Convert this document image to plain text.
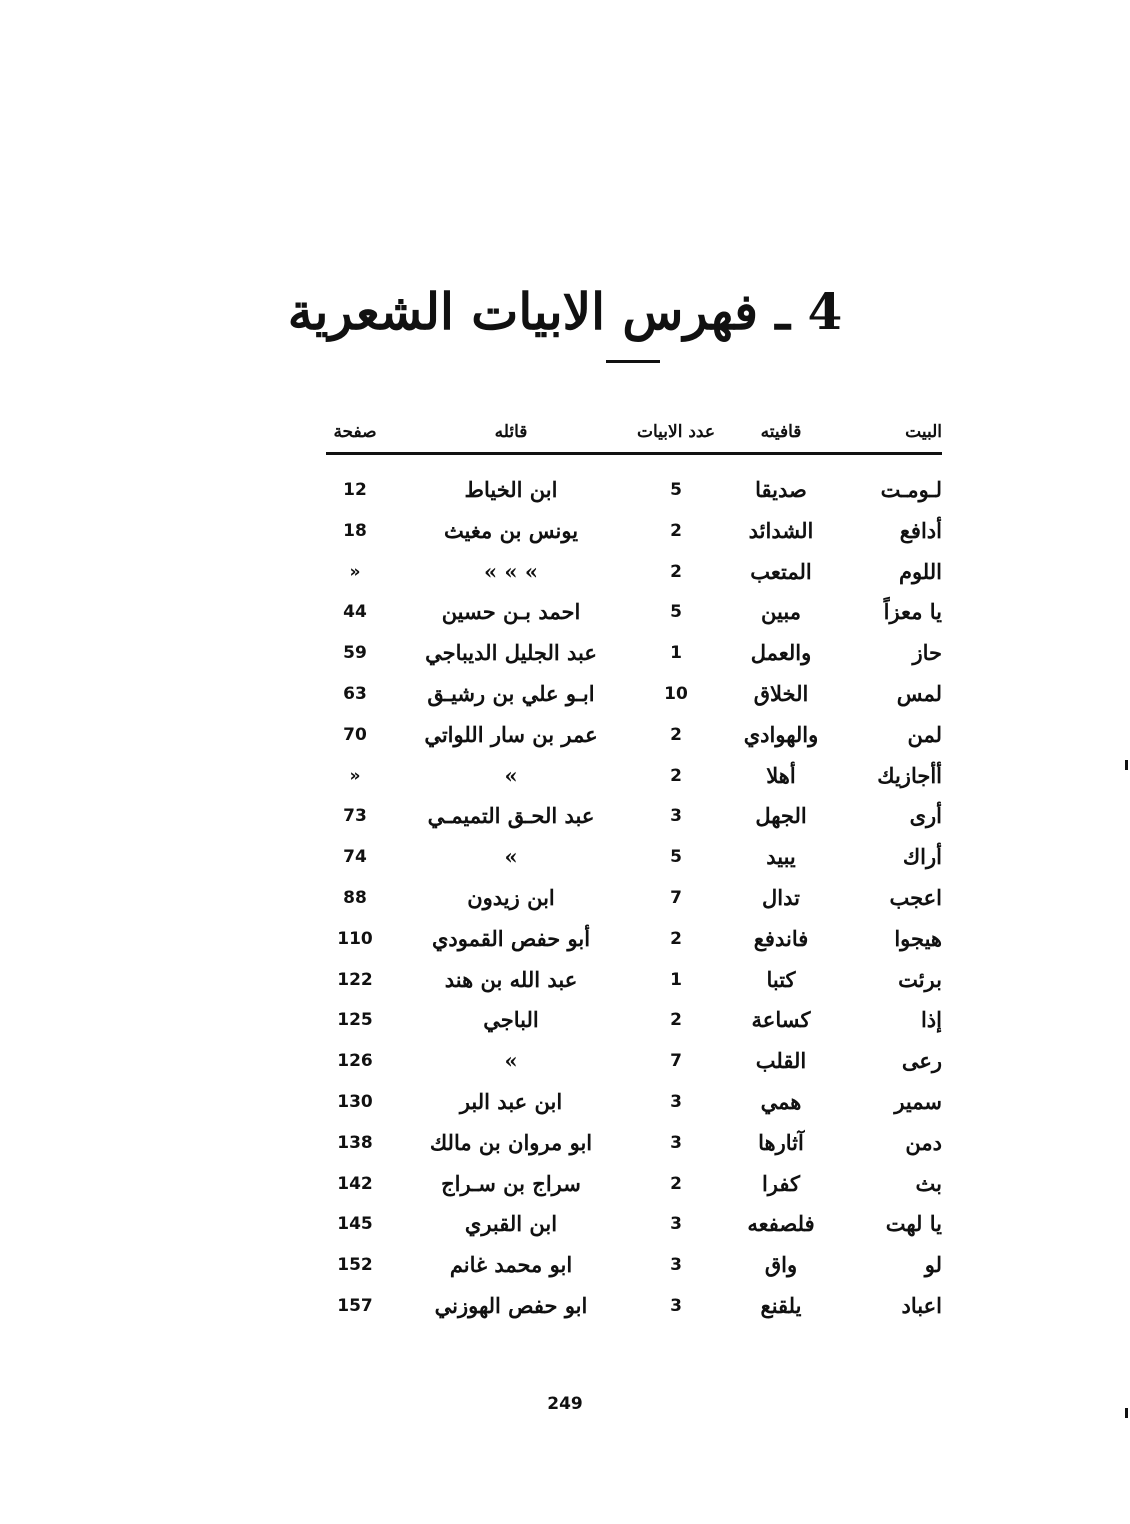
4 ـ فهرس الابيات الشعرية
صفحة	قائله	عدد الابيات	قافيته	البيت
12	ابن الخياط	5	صديقا	لـومـت
18	يونس بن مغيث	2	الشدائد	أدافع
»	» » »	2	المتعب	اللوم
44	احمد بـن حسين	5	مبين	يا معزاً
59	عبد الجليل الديباجي	1	والعمل	حاز
63	ابـو علي بن رشيـق	10	الخلاق	لمس
70	عمر بن سار اللواتي	2	والهوادي	لمن
»	»	2	أهلا	أأجازيك
73	عبد الحـق التميمـي	3	الجهل	أرى
74	»	5	يبيد	أراك
88	ابن زيدون	7	تدال	اعجب
110	أبو حفص القمودي	2	فاندفع	هيجوا
122	عبد الله بن هند	1	كتبا	برئت
125	الباجي	2	كساعة	إذا
126	»	7	القلب	رعى
130	ابن عبد البر	3	همي	سمير
138	ابو مروان بن مالك	3	آثارها	دمن
142	سراج بن سـراج	2	كفرا	بث
145	ابن القبري	3	فلصفعه	يا لهت
152	ابو محمد غانم	3	واق	لو
157	ابو حفص الهوزني	3	يلقنع	اعباد
249
